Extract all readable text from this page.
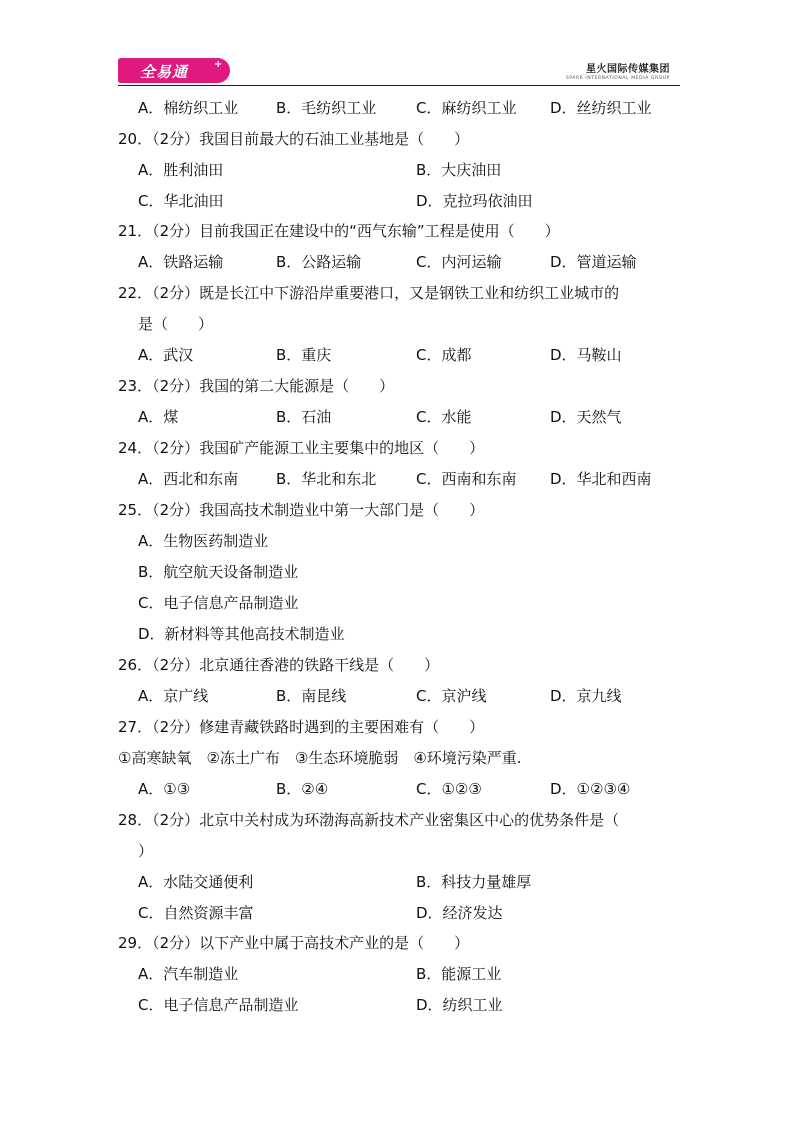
全易通	+	星火国际传媒集团
SPARK INTERNATIONAL MEDIA GROUP
A．棉纺织工业	B．毛纺织工业	C．麻纺织工业 D．丝纺织工业
20．（2分）我国目前最大的石油工业基地是（　　）
A．胜利油田	B．大庆油田
C．华北油田	D．克拉玛依油田
21．（2分）目前我国正在建设中的“西气东输”工程是使用（　　）
A．铁路运输	B．公路运输	C．内河运输	D．管道运输
22．（2分）既是长江中下游沿岸重要港口，又是钢铁工业和纺织工业城市的
是（　　）
A．武汉	B．重庆	C．成都	D．马鞍山
23．（2分）我国的第二大能源是（　　）
A．煤	B．石油	C．水能	D．天然气
24．（2分）我国矿产能源工业主要集中的地区（　　）
A．西北和东南	B．华北和东北	C．西南和东南 D．华北和西南
25．（2分）我国高技术制造业中第一大部门是（　　）
A．生物医药制造业
B．航空航天设备制造业
C．电子信息产品制造业
D．新材料等其他高技术制造业
26．（2分）北京通往香港的铁路干线是（　　）
A．京广线	B．南昆线	C．京沪线	D．京九线
27．（2分）修建青藏铁路时遇到的主要困难有（　　）
①高寒缺氧　②冻土广布　③生态环境脆弱　④环境污染严重.
A．①③	B．②④	C．①②③	D．①②③④
28．（2分）北京中关村成为环渤海高新技术产业密集区中心的优势条件是（
）
A．水陆交通便利	B．科技力量雄厚
C．自然资源丰富	D．经济发达
29．（2分）以下产业中属于高技术产业的是（　　）
A．汽车制造业	B．能源工业
C．电子信息产品制造业	D．纺织工业
